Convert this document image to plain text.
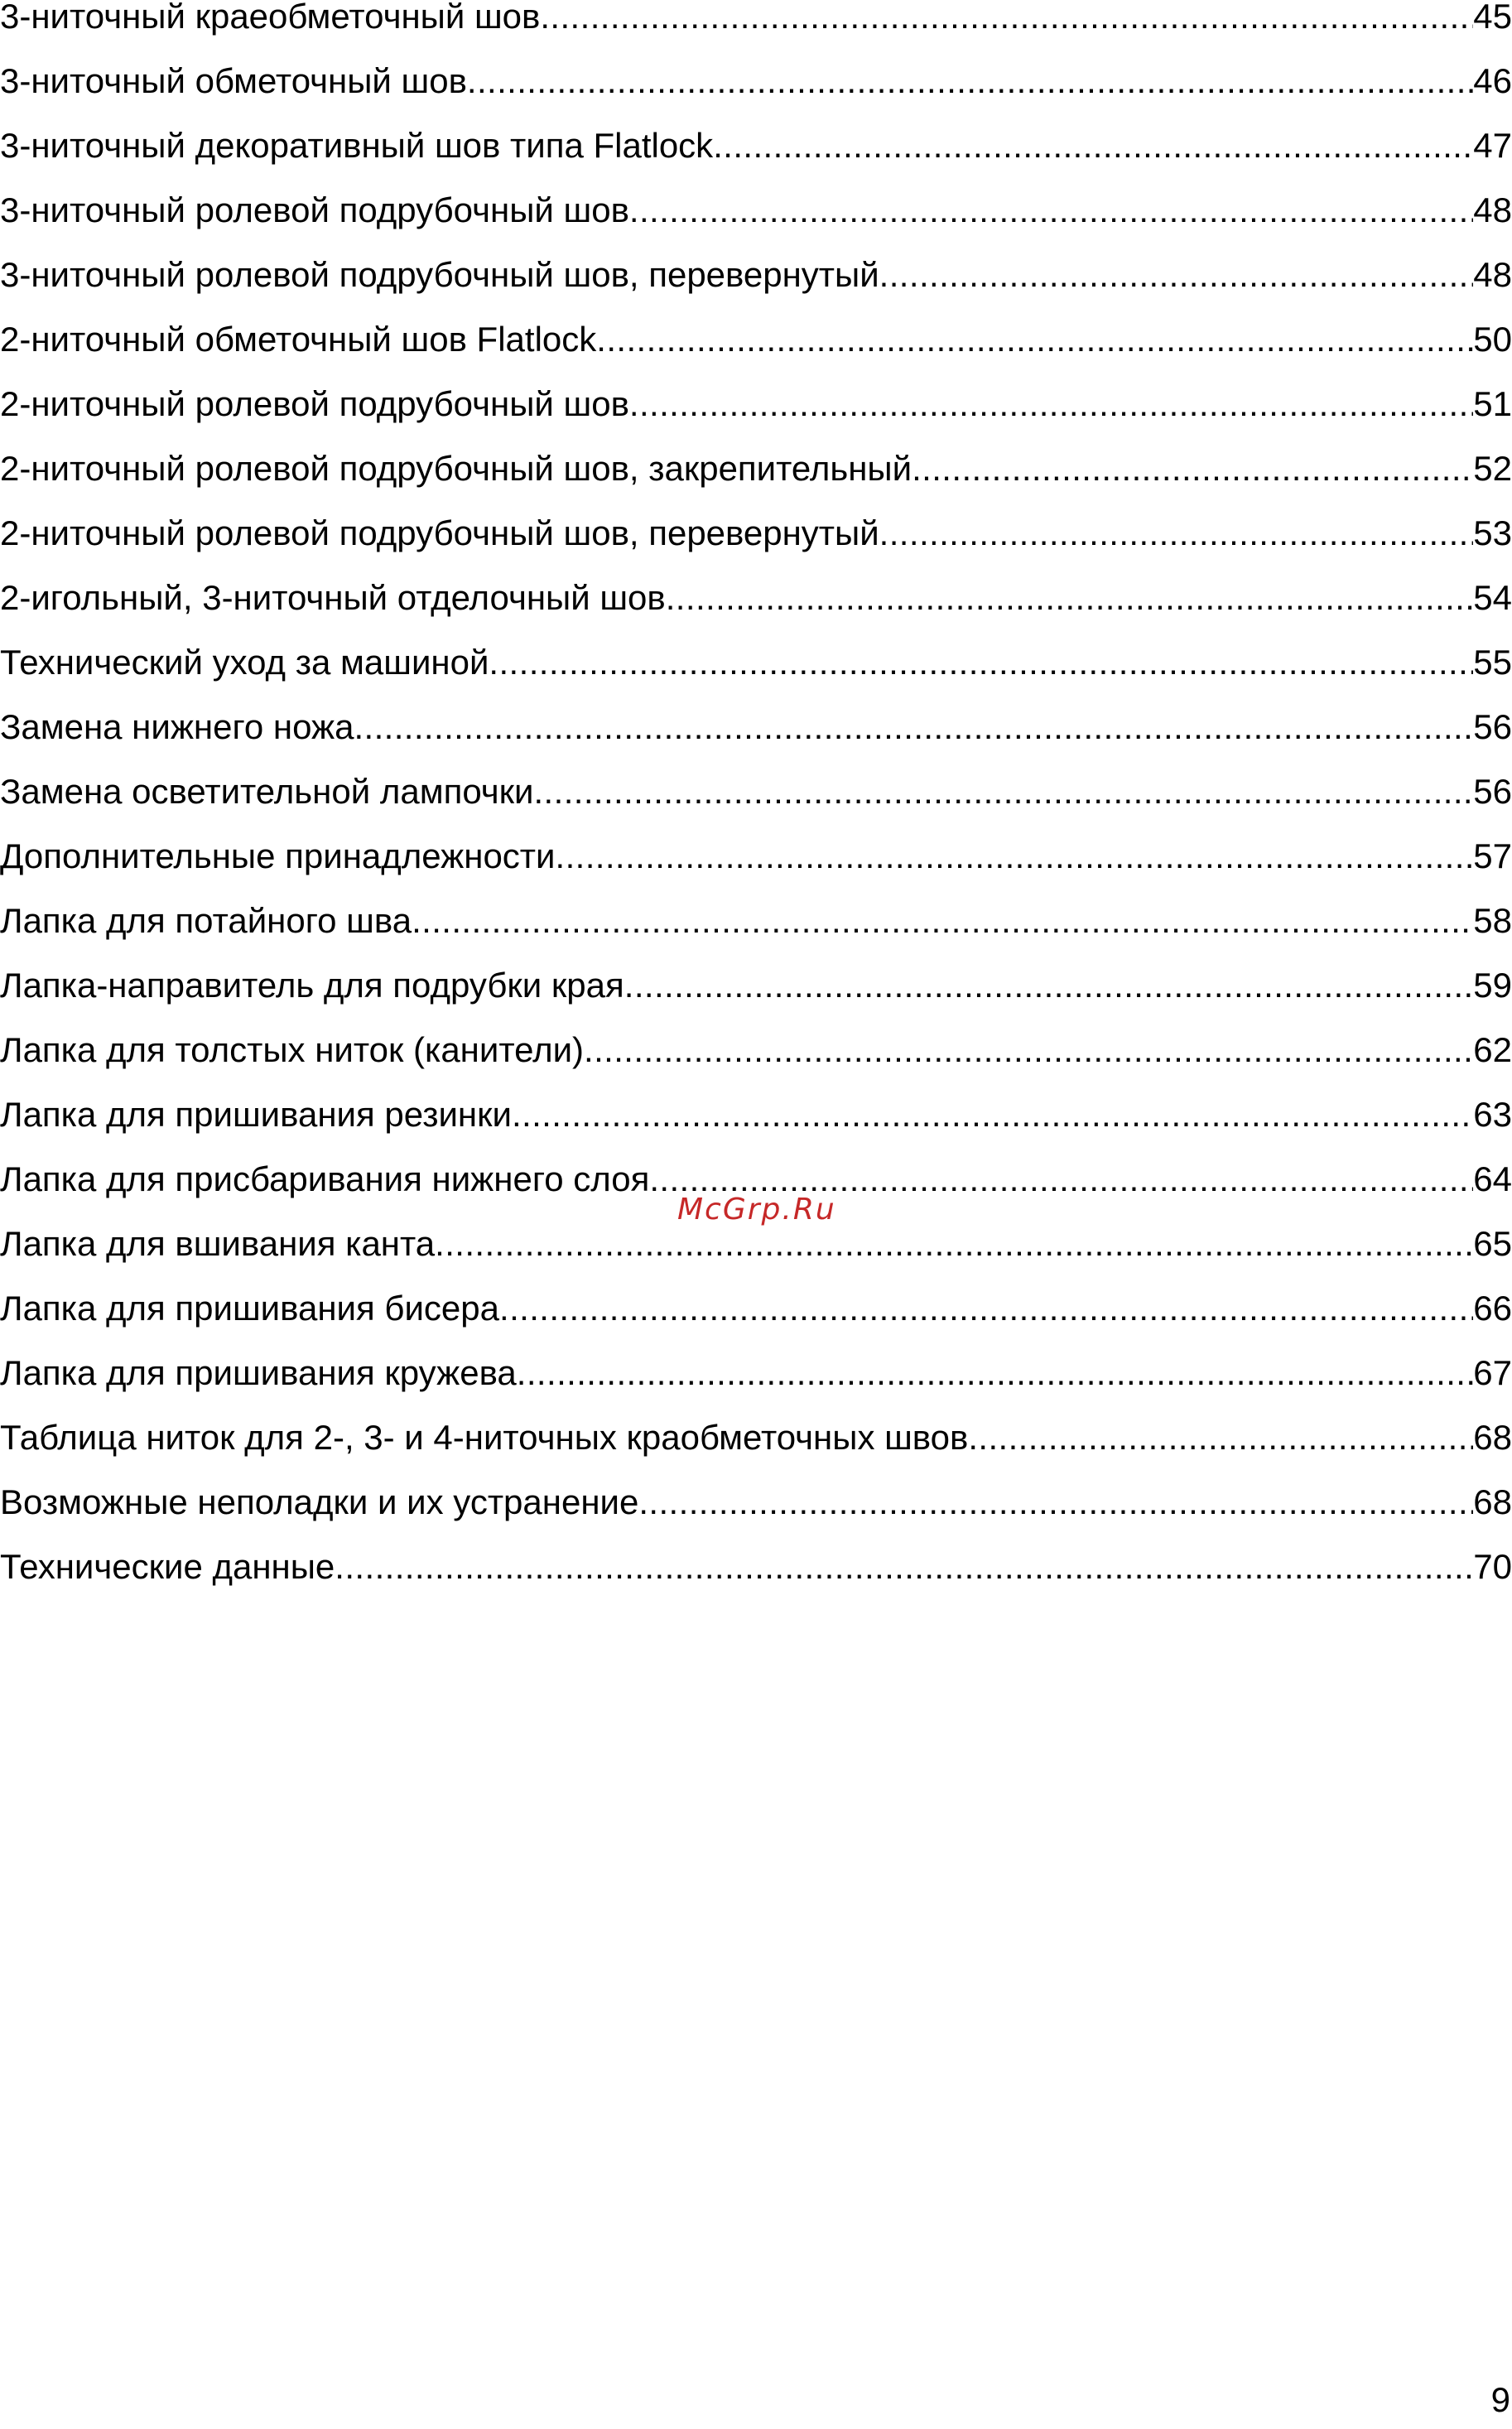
3-ниточный краеобметочный шов .....	45
3-ниточный обметочный шов .....	46
3-ниточный декоративный шов типа Flatlock .....	47
3-ниточный ролевой подрубочный шов .....	48
3-ниточный ролевой подрубочный шов, перевернутый .....	48
2-ниточный обметочный шов Flatlock .....	50
2-ниточный ролевой подрубочный шов .....	51
2-ниточный ролевой подрубочный шов, закрепительный .....	52
2-ниточный ролевой подрубочный шов, перевернутый .....	53
2-игольный, 3-ниточный отделочный шов .....	54
Технический уход за машиной .....	55
Замена нижнего ножа .....	56
Замена осветительной лампочки .....	56
Дополнительные принадлежности .....	57
Лапка для потайного шва .....	58
Лапка-направитель для подрубки края .....	59
Лапка для толстых ниток (канители) .....	62
Лапка для пришивания резинки .....	63
Лапка для присбаривания нижнего слоя .....	64
Лапка для вшивания канта .....	65
Лапка для пришивания бисера .....	66
Лапка для пришивания кружева .....	67
Таблица ниток для 2-, 3- и 4-ниточных краобметочных швов .....	68
Возможные неполадки и их устранение .....	68
Технические данные .....	70
McGrp.Ru
9
